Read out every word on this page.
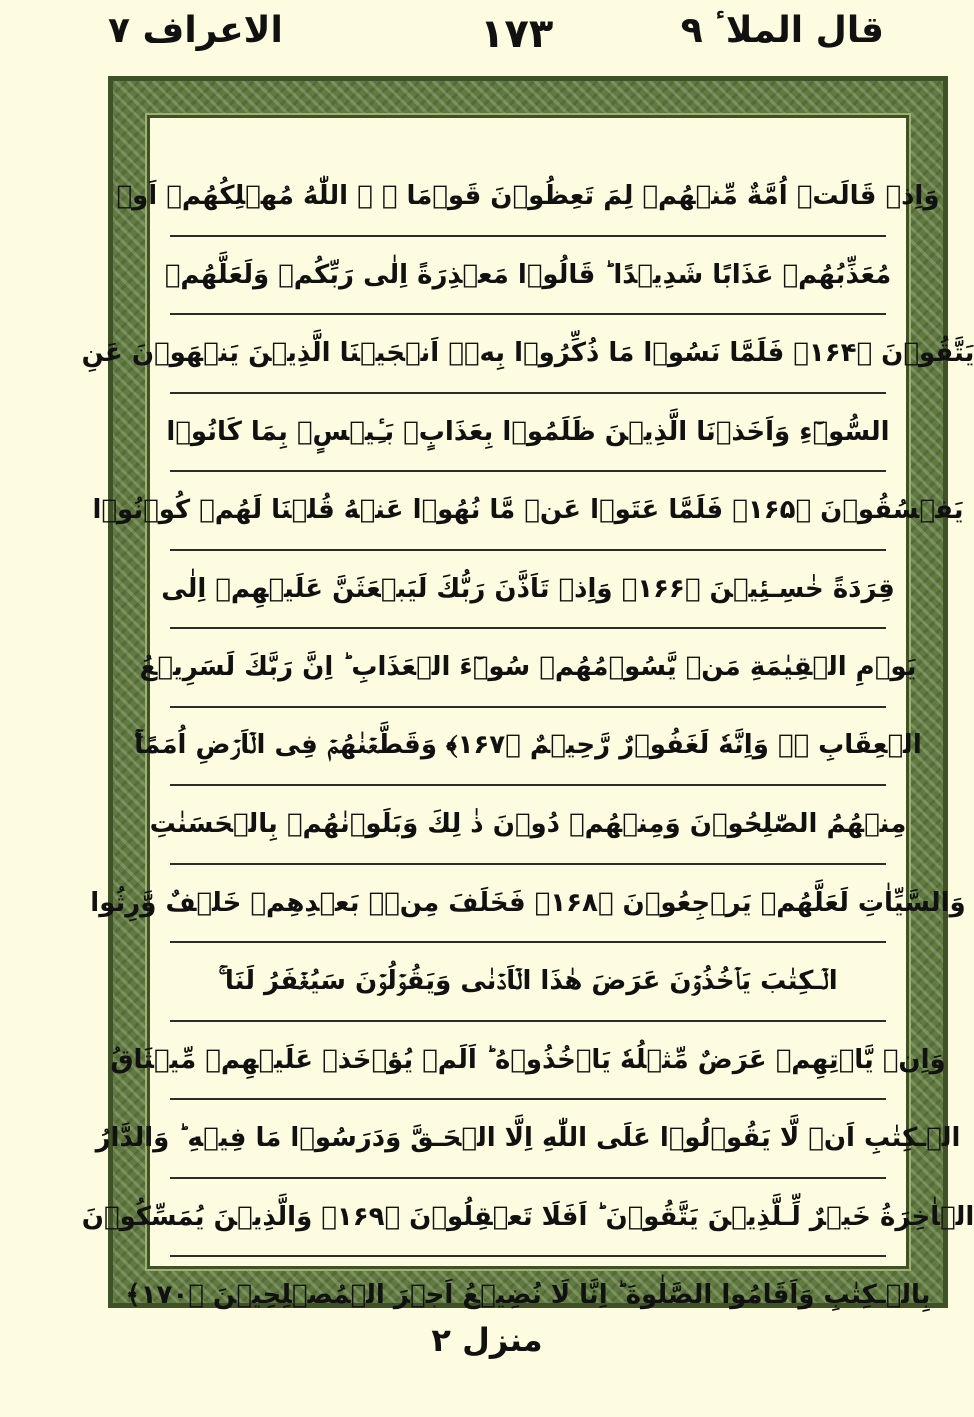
الاعراف ٧	١٧٣	قال الملاٴ ٩
وَاِذۡ قَالَتۡ اُمَّةٌ مِّنۡهُمۡ لِمَ تَعِظُوۡنَ قَوۡمَا ۟ ۙ اللّٰهُ مُهۡلِكُهُمۡ اَوۡ
مُعَذِّبُهُمۡ عَذَابًا شَدِيۡدًا ‌ؕ قَالُوۡا مَعۡذِرَةً اِلٰى رَبِّكُمۡ وَلَعَلَّهُمۡ
يَتَّقُوۡنَ ﴿۱۶۴﴾ فَلَمَّا نَسُوۡا مَا ذُكِّرُوۡا بِهٖۤ اَنۡجَيۡنَا الَّذِيۡنَ يَنۡهَوۡنَ عَنِ
السُّوۡٓءِ وَاَخَذۡنَا الَّذِيۡنَ ظَلَمُوۡا بِعَذَابٍۭ بَـِٔيۡسٍۭ بِمَا كَانُوۡا
يَفۡسُقُوۡنَ ﴿۱۶۵﴾ فَلَمَّا عَتَوۡا عَنۡ مَّا نُهُوۡا عَنۡهُ قُلۡنَا لَهُمۡ كُوۡنُوۡا
قِرَدَةً خٰسِـئِيۡنَ ﴿۱۶۶﴾ وَاِذۡ تَاَذَّنَ رَبُّكَ لَيَبۡعَثَنَّ عَلَيۡهِمۡ اِلٰى
يَوۡمِ الۡقِيٰمَةِ مَنۡ يَّسُوۡمُهُمۡ سُوۡٓءَ الۡعَذَابِ‌ ؕ اِنَّ رَبَّكَ لَسَرِيۡعُ
الۡعِقَابِ ۖۚ وَاِنَّهٗ لَغَفُوۡرٌ رَّحِيۡمٌ ﴿۱۶۷﴾ وَقَطَّعۡنٰهُمۡ فِى الۡاَرۡضِ اُمَمًا‌ۚ
مِنۡهُمُ الصّٰلِحُوۡنَ وَمِنۡهُمۡ دُوۡنَ ذٰ لِكَ‌ وَبَلَوۡنٰهُمۡ بِالۡحَسَنٰتِ
وَالسَّيِّاٰتِ لَعَلَّهُمۡ يَرۡجِعُوۡنَ ﴿۱۶۸﴾ فَخَلَفَ مِنۡۢ بَعۡدِهِمۡ خَلۡفٌ وَّرِثُوا
الۡـكِتٰبَ يَاۡخُذُوۡنَ عَرَضَ هٰذَا الۡاَدۡنٰى وَيَقُوۡلُوۡنَ سَيُغۡفَرُ لَنَا‌ ۚ
وَاِنۡ يَّاۡتِهِمۡ عَرَضٌ مِّثۡلُهٗ يَاۡخُذُوۡهُ‌ ؕ اَلَمۡ يُؤۡخَذۡ عَلَيۡهِمۡ مِّيۡثَاقُ
الۡـكِتٰبِ اَنۡ لَّا يَقُوۡلُوۡا عَلَى اللّٰهِ اِلَّا الۡحَـقَّ وَدَرَسُوۡا مَا فِيۡهِ‌ ؕ وَالدَّارُ
الۡاٰخِرَةُ خَيۡرٌ لِّـلَّذِيۡنَ يَتَّقُوۡنَ‌ ؕ اَفَلَا تَعۡقِلُوۡنَ ﴿۱۶۹﴾ وَالَّذِيۡنَ يُمَسِّكُوۡنَ
بِالۡـكِتٰبِ وَاَقَامُوا الصَّلٰوةَ ؕ اِنَّا لَا نُضِيۡعُ اَجۡرَ الۡمُصۡلِحِيۡنَ ﴿۱۷۰﴾
منزل ٢
